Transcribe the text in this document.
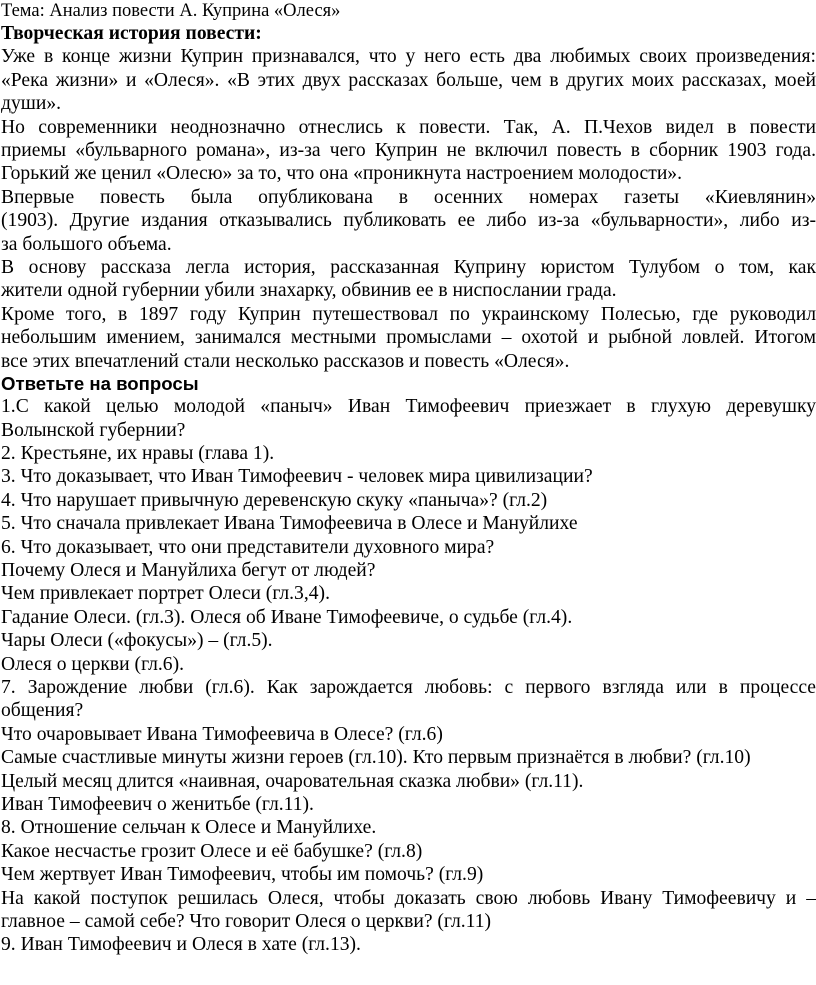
Тема: Анализ повести А. Куприна «Олеся»

Творческая история повести:

Уже в конце жизни Куприн признавался, что у него есть два любимых своих произведения:

«Река жизни» и «Олеся». «В этих двух рассказах больше, чем в других моих рассказах, моей

души».

Но современники неоднозначно отнеслись к повести. Так, А. П.Чехов видел в повести

приемы «бульварного романа», из-за чего Куприн не включил повесть в сборник 1903 года.

Горький же ценил «Олесю» за то, что она «проникнута настроением молодости».

Впервые повесть была опубликована в осенних номерах газеты «Киевлянин»

(1903). Другие издания отказывались публиковать ее либо из-за «бульварности», либо из-

за большого объема.

В основу рассказа легла история, рассказанная Куприну юристом Тулубом о том, как

жители одной губернии убили знахарку, обвинив ее в ниспослании града.

Кроме того, в 1897 году Куприн путешествовал по украинскому Полесью, где руководил

небольшим имением, занимался местными промыслами – охотой и рыбной ловлей. Итогом

все этих впечатлений стали несколько рассказов и повесть «Олеся».

Ответьте на вопросы

1.С какой целью молодой «паныч» Иван Тимофеевич приезжает в глухую деревушку

Волынской губернии?

2. Крестьяне, их нравы (глава 1).

3. Что доказывает, что Иван Тимофеевич - человек мира цивилизации?

4. Что нарушает привычную деревенскую скуку «паныча»? (гл.2)

5. Что сначала привлекает Ивана Тимофеевича в Олесе и Мануйлихе

6. Что доказывает, что они представители духовного мира?

Почему Олеся и Мануйлиха бегут от людей?

Чем привлекает портрет Олеси (гл.3,4).

Гадание Олеси. (гл.3). Олеся об Иване Тимофеевиче, о судьбе (гл.4).

Чары Олеси («фокусы») – (гл.5).

Олеся о церкви (гл.6).

7. Зарождение любви (гл.6). Как зарождается любовь: с первого взгляда или в процессе

общения?

Что очаровывает Ивана Тимофеевича в Олесе? (гл.6)

Самые счастливые минуты жизни героев (гл.10). Кто первым признаётся в любви? (гл.10)

Целый месяц длится «наивная, очаровательная сказка любви» (гл.11).

Иван Тимофеевич о женитьбе (гл.11).

8. Отношение сельчан к Олесе и Мануйлихе.

Какое несчастье грозит Олесе и её бабушке? (гл.8)

Чем жертвует Иван Тимофеевич, чтобы им помочь? (гл.9)

На какой поступок решилась Олеся, чтобы доказать свою любовь Ивану Тимофеевичу и –

главное – самой себе? Что говорит Олеся о церкви? (гл.11)

9. Иван Тимофеевич и Олеся в хате (гл.13).
